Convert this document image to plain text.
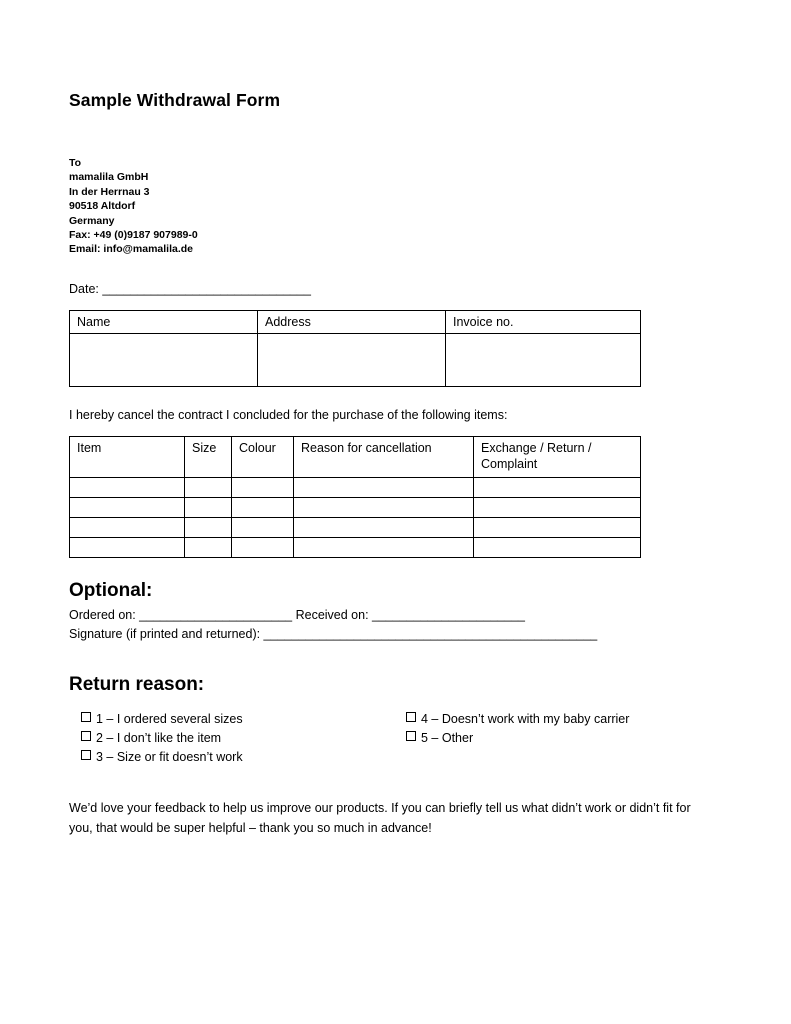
Sample Withdrawal Form
To
mamalila GmbH
In der Herrnau 3
90518 Altdorf
Germany
Fax: +49 (0)9187 907989-0
Email: info@mamalila.de
Date: ______________________________
Name	Address	Invoice no.

I hereby cancel the contract I concluded for the purchase of the following items:
Item	Size	Colour	Reason for cancellation	Exchange / Return / Complaint

Optional:
Ordered on: ______________________ Received on: ______________________
Signature (if printed and returned): ________________________________________________
Return reason:
1 – I ordered several sizes
2 – I don’t like the item
3 – Size or fit doesn’t work
4 – Doesn’t work with my baby carrier
5 – Other
We’d love your feedback to help us improve our products. If you can briefly tell us what didn’t work or didn’t fit for you, that would be super helpful – thank you so much in advance!
